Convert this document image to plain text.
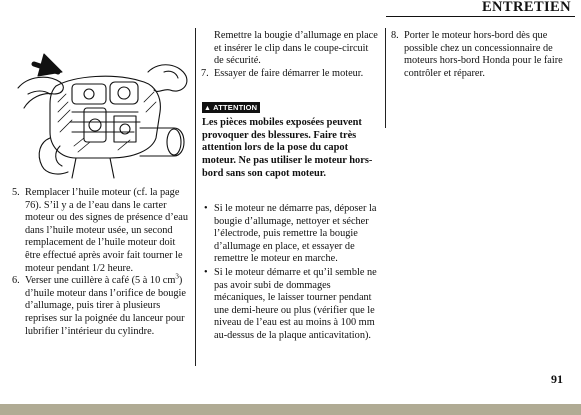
ENTRETIEN
5. Remplacer l’huile moteur (cf. la page 76). S’il y a de l’eau dans le carter moteur ou des signes de présence d’eau dans l’huile moteur usée, un second remplacement de l’huile moteur doit être effectué après avoir fait tourner le moteur pendant 1/2 heure.
6. Verser une cuillère à café (5 à 10 $cm^3$) d’huile moteur dans l’orifice de bougie d’allumage, puis tirer à plusieurs reprises sur la poignée du lanceur pour lubrifier l’intérieur du cylindre.
Remettre la bougie d’allumage en place et insérer le clip dans le coupe-circuit de sécurité.
7. Essayer de faire démarrer le moteur.
▲ ATTENTION
Les pièces mobiles exposées peuvent provoquer des blessures. Faire très attention lors de la pose du capot moteur. Ne pas utiliser le moteur hors-bord sans son capot moteur.
• Si le moteur ne démarre pas, déposer la bougie d’allumage, nettoyer et sécher l’électrode, puis remettre la bougie d’allumage en place, et essayer de remettre le moteur en marche.
• Si le moteur démarre et qu’il semble ne pas avoir subi de dommages mécaniques, le laisser tourner pendant une demi-heure ou plus (vérifier que le niveau de l’eau est au moins à 100 mm au-dessus de la plaque anticavitation).
8. Porter le moteur hors-bord dès que possible chez un concessionnaire de moteurs hors-bord Honda pour le faire contrôler et réparer.
91
